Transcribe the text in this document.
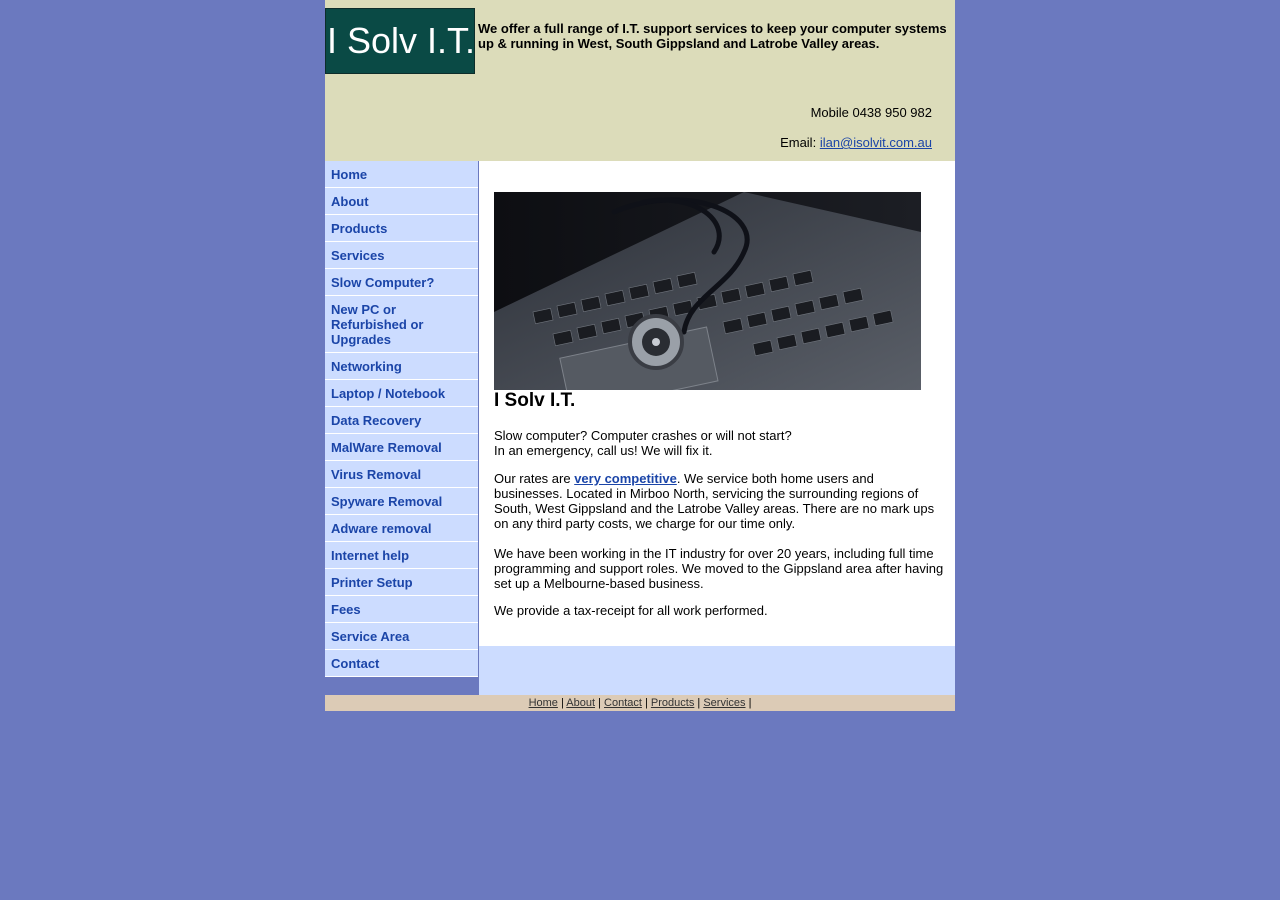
I Solv I.T. We offer a full range of I.T. support services to keep your computer systems up & running in West, South Gippsland and Latrobe Valley areas.
Mobile 0438 950 982
Email: ilan@isolvit.com.au
Home
About
Products
Services
Slow Computer?
New PC or Refurbished or Upgrades
Networking
Laptop / Notebook
Data Recovery
MalWare Removal
Virus Removal
Spyware Removal
Adware removal
Internet help
Printer Setup
Fees
Service Area
Contact
I Solv I.T.

Slow computer? Computer crashes or will not start?
In an emergency, call us! We will fix it.

Our rates are very competitive. We service both home users and businesses. Located in Mirboo North, servicing the surrounding regions of South, West Gippsland and the Latrobe Valley areas. There are no mark ups on any third party costs, we charge for our time only.

We have been working in the IT industry for over 20 years, including full time programming and support roles. We moved to the Gippsland area after having set up a Melbourne-based business.

We provide a tax-receipt for all work performed.

Home | About | Contact | Products | Services |
